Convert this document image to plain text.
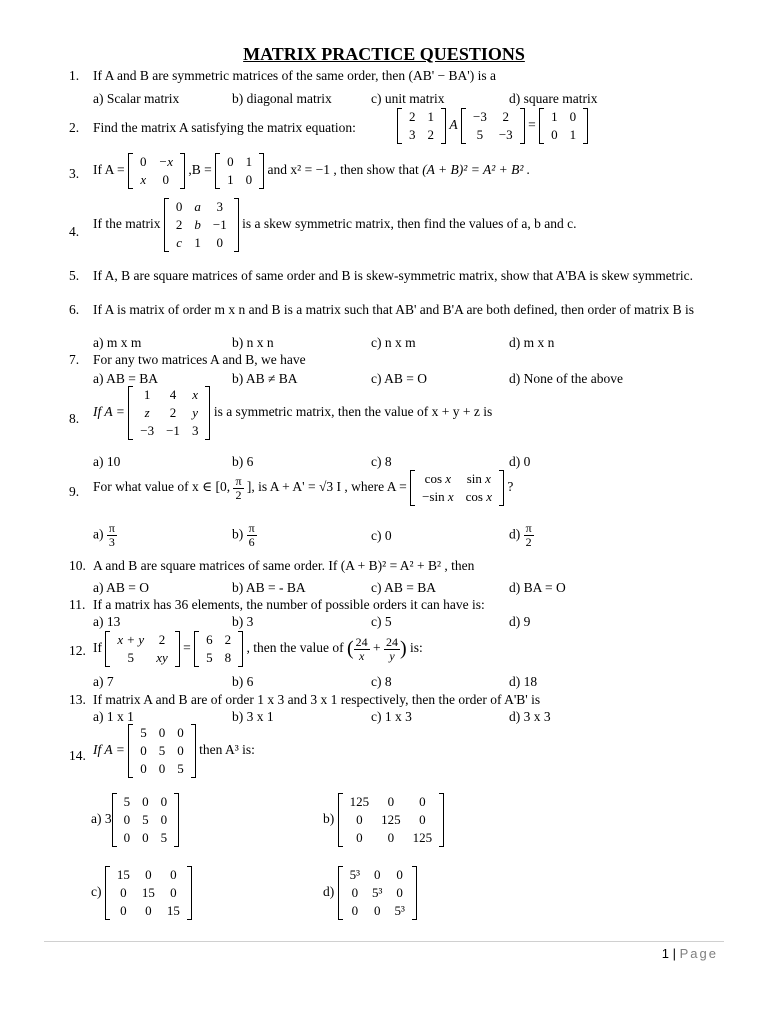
MATRIX PRACTICE QUESTIONS
1. If A and B are symmetric matrices of the same order, then (AB' − BA') is a
a) Scalar matrix	b) diagonal matrix	c) unit matrix	d) square matrix
2. Find the matrix A satisfying the matrix equation:
2	1
3	2
A
−3	2
5	−3
=
1	0
0	1
3. If A =
0	−x
x	0
,B =
0	1
1	0
and x² = −1 , then show that (A + B)² = A² + B² .
4.
If the matrix
0	a	3
2	b	−1
c	1	0
is a skew symmetric matrix, then find the values of a, b and c.
5. If A, B are square matrices of same order and B is skew-symmetric matrix, show that A'BA is skew symmetric.
6. If A is matrix of order m x n and B is a matrix such that AB' and B'A are both defined, then order of matrix B is
a) m x m	b) n x n	c) n x m	d) m x n
7. For any two matrices A and B, we have
a) AB = BA	b) AB ≠ BA	c) AB = O	d) None of the above
8. If A =
1	4	x
z	2	y
−3	−1	3
is a symmetric matrix, then the value of x + y + z is
a) 10	b) 6	c) 8	d) 0
9. For what value of x ∈ [0, $\frac{\pi}{2}$ ], is A + A' = √3 I , where A =
cos x	sin x
−sin x	cos x
?
$a) \frac{\pi}{3}$	$b) \frac{\pi}{6}$	c) 0	$d) \frac{\pi}{2}$
10. A and B are square matrices of same order. If (A + B)² = A² + B² , then
a) AB = O	b) AB = - BA	c) AB = BA	d) BA = O
11. If a matrix has 36 elements, the number of possible orders it can have is:
a) 13	b) 3	c) 5	d) 9
12. If
x + y	2
5	xy
=
6	2
5	8
, then the value of ( $\frac{24}{x} + \frac{24}{y}$ ) is:
a) 7	b) 6	c) 8	d) 18
13. If matrix A and B are of order 1 x 3 and 3 x 1 respectively, then the order of A'B' is
a) 1 x 1	b) 3 x 1	c) 1 x 3	d) 3 x 3
14. If A =
5	0	0
0	5	0
0	0	5
then A³ is:
a) 3
5	0	0
0	5	0
0	0	5
b)
125	0	0
0	125	0
0	0	125
c)
15	0	0
0	15	0
0	0	15
d)
5³	0	0
0	5³	0
0	0	5³
1 | Page
